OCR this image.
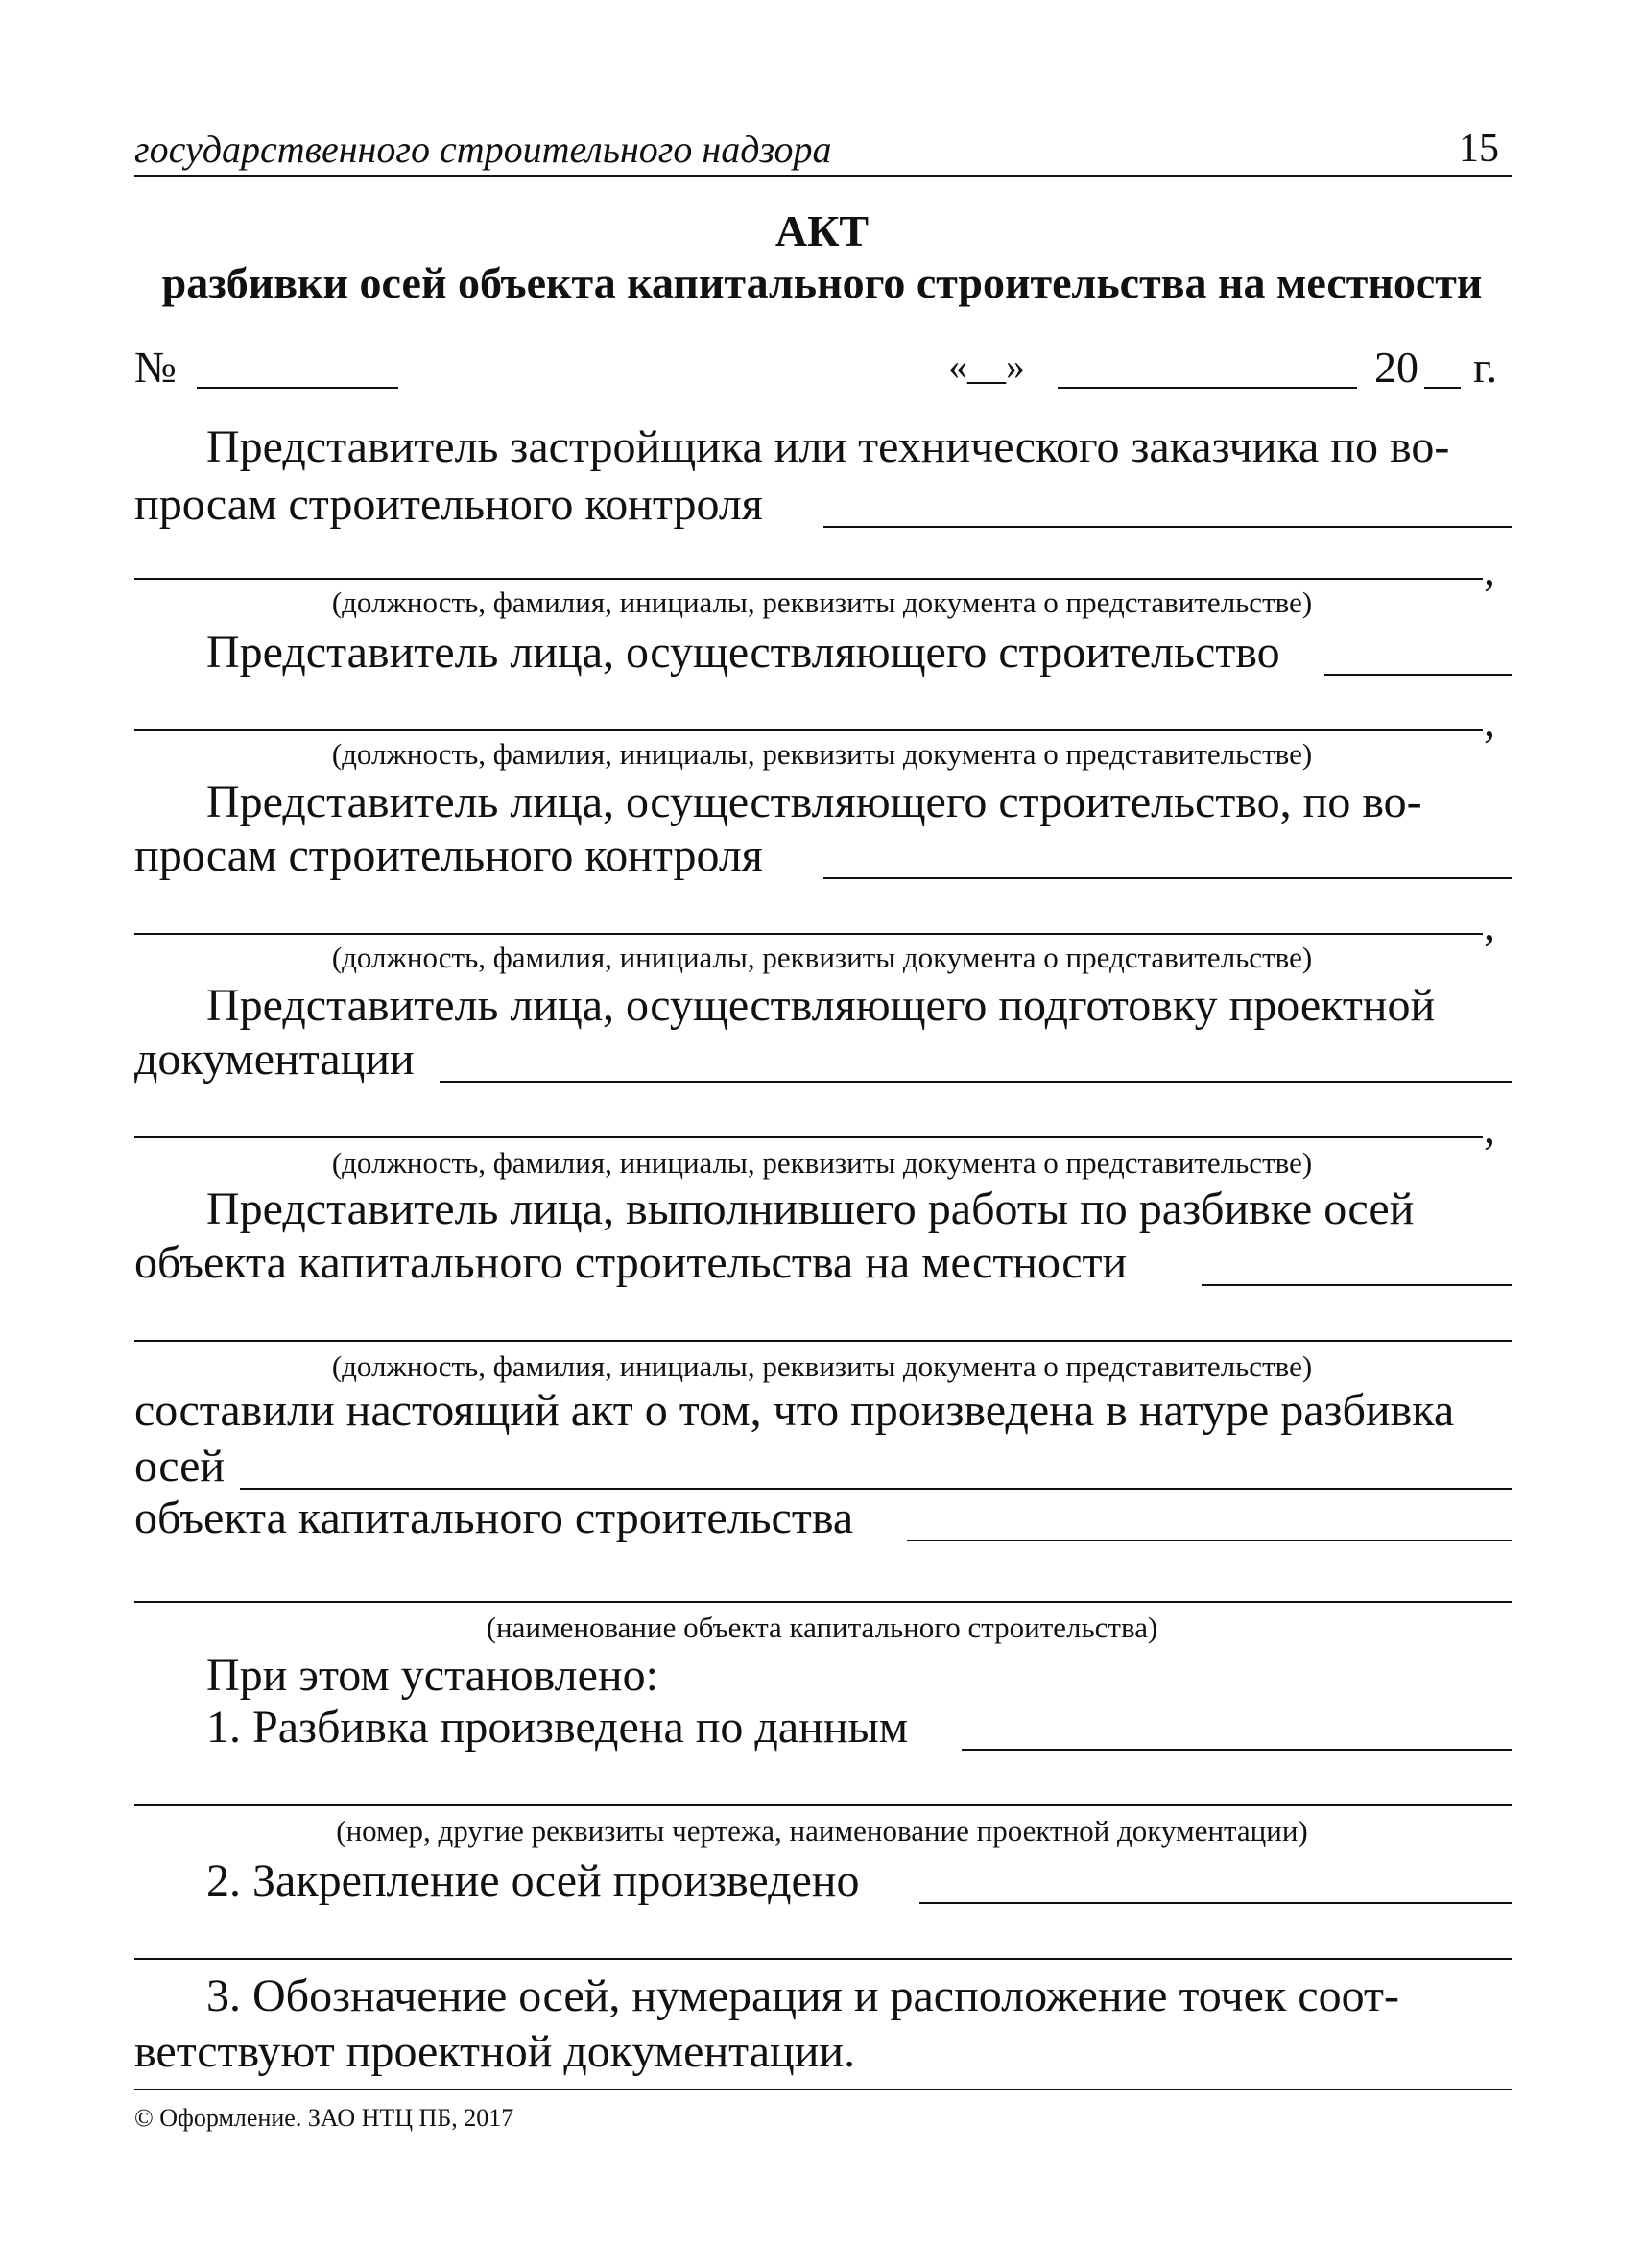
государственного строительного надзора	15
АКТ
разбивки осей объекта капитального строительства на местности
№	«__»	20 г.
Представитель застройщика или технического заказчика по во-
просам строительного контроля
,
(должность, фамилия, инициалы, реквизиты документа о представительстве)
Представитель лица, осуществляющего строительство
,
(должность, фамилия, инициалы, реквизиты документа о представительстве)
Представитель лица, осуществляющего строительство, по во-
просам строительного контроля
,
(должность, фамилия, инициалы, реквизиты документа о представительстве)
Представитель лица, осуществляющего подготовку проектной
документации
,
(должность, фамилия, инициалы, реквизиты документа о представительстве)
Представитель лица, выполнившего работы по разбивке осей
объекта капитального строительства на местности
(должность, фамилия, инициалы, реквизиты документа о представительстве)
составили настоящий акт о том, что произведена в натуре разбивка
осей
объекта капитального строительства
(наименование объекта капитального строительства)
При этом установлено:
1. Разбивка произведена по данным
(номер, другие реквизиты чертежа, наименование проектной документации)
2. Закрепление осей произведено
3. Обозначение осей, нумерация и расположение точек соот-
ветствуют проектной документации.
© Оформление. ЗАО НТЦ ПБ, 2017
